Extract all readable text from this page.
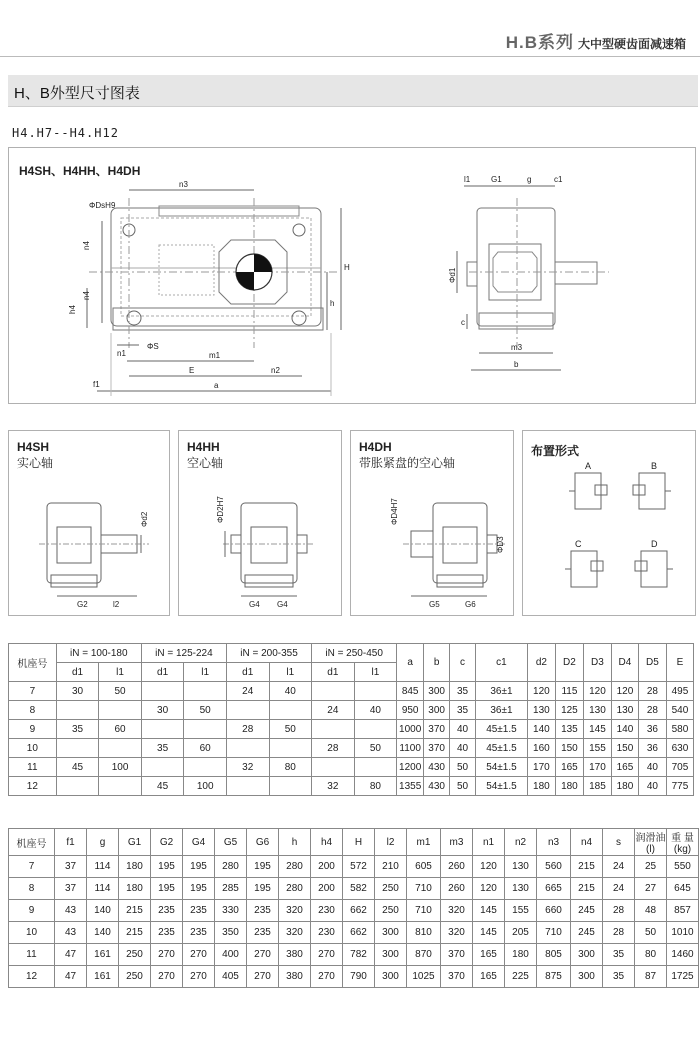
H.B系列 大中型硬齿面减速箱
H、B外型尺寸图表
H4.H7--H4.H12
H4SH、H4HH、H4DH
n3
ΦDsH9
n4
n4
h4
H
h
n1
ΦS
m1
E	n2
f1	a
l1	G1	g	c1
Φd1
c
m3
b
H4SH
实心轴
Φd2
G2	l2
H4HH
空心轴
ΦD2H7
G4 G4
H4DH
带胀紧盘的空心轴
ΦD4H7
ΦD3
G5	G6
布置形式
A	B
C	D
机座号	iN = 100-180		iN = 125-224		iN = 200-355		iN = 250-450		a	b	c	c1	d2	D2	D3	D4	D5	E
	d1	l1	d1	l1	d1	l1	d1	l1										
7	30	50			24	40			845	300	35	36±1	120	115	120	120	28	495
8			30	50			24	40	950	300	35	36±1	130	125	130	130	28	540
9	35	60			28	50			1000	370	40	45±1.5	140	135	145	140	36	580
10			35	60			28	50	1100	370	40	45±1.5	160	150	155	150	36	630
11	45	100			32	80			1200	430	50	54±1.5	170	165	170	165	40	705
12			45	100			32	80	1355	430	50	54±1.5	180	180	185	180	40	775
机座号	f1	g	G1	G2	G4	G5	G6	h	h4	H	l2	m1	m3	n1	n2	n3	n4	s	润滑油 (l)	重 量 (kg)
7	37	114	180	195	195	280	195	280	200	572	210	605	260	120	130	560	215	24	25	550
8	37	114	180	195	195	285	195	280	200	582	250	710	260	120	130	665	215	24	27	645
9	43	140	215	235	235	330	235	320	230	662	250	710	320	145	155	660	245	28	48	857
10	43	140	215	235	235	350	235	320	230	662	300	810	320	145	205	710	245	28	50	1010
11	47	161	250	270	270	400	270	380	270	782	300	870	370	165	180	805	300	35	80	1460
12	47	161	250	270	270	405	270	380	270	790	300	1025	370	165	225	875	300	35	87	1725
